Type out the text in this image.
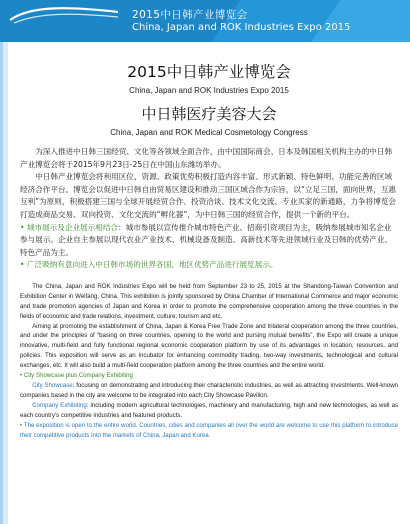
2015中日韩产业博览会
China, Japan and ROK Industries Expo 2015
2015中日韩产业博览会
China, Japan and ROK Industries Expo 2015
中日韩医疗美容大会
China, Japan and ROK Medical Cosmetology Congress

为深入推进中日韩三国经贸、文化等各领域全面合作，由中国国际商会、日本及韩国相关机构主办的中日韩产业博览会将于2015年9月23日-25日在中国山东潍坊举办。

中日韩产业博览会将利用区位、资源、政策优势积极打造内容丰富、形式新颖、特色鲜明、功能完善的区域经济合作平台。博览会以促进中日韩自由贸易区建设和推动三国区域合作为宗旨，以“立足三国，面向世界，互惠互利”为原则，积极搭建三国与全球开展经贸合作、投资洽谈、技术文化交流、专业买家的新通路，力争将博览会打造成商品交易、双向投资、文化交流的“孵化器”，为中日韩三国的经贸合作，提供一个新的平台。

• 城市展示及企业展示相结合：城市参展以宣传推介城市特色产业、招商引资项目为主，吸纳参展城市知名企业参与展示。企业自主参展以现代农业产业技术、机械设备及制造、高新技术等先进领域行业及日韩的优势产业、特色产品为主。

• 广泛吸纳有意向进入中日韩市场的世界各国、地区优势产品进行展览展示。

The China, Japan and ROK Industries Expo will be held from September 23 to 25, 2015 at the Shandong-Taiwan Convention and Exhibition Center in Weifang, China. This exhibition is jointly sponsored by China Chamber of International Commerce and major economic and trade promotion agencies of Japan and Korea in order to promote the comprehensive cooperation among the three countries in the fields of economic and trade relations, investment, culture, tourism and etc.

Aiming at promoting the establishment of China, Japan & Korea Free Trade Zone and trilateral cooperation among the three countries, and under the principles of “basing on three countries, opening to the world and pursing mutual benefits”, the Expo will create a unique innovative, multi-field and fully functional regional economic cooperation platform by use of its advantages in location, resources, and policies. This exposition will serve as an incubator for enhancing commodity trading, two-way investments, technological and cultural exchanges, etc. It will also build a multi-field cooperation platform among the three countries and the entire world.

• City Showcase plus Company Exhibiting

City Showcase: focusing on demonstrating and introducing their characteristic industries, as well as attracting investments. Well-known companies based in the city are welcome to be integrated into each City Showcase Pavilion.

Company Exhibiting: including modern agricultural technologies, machinery and manufacturing, high and new technologies, as well as each country’s competitive industries and featured products.

• The exposition is open to the entire world. Countries, cities and companies all over the world are welcome to use this platform to introduce their competitive products into the markets of China, Japan and Korea.
